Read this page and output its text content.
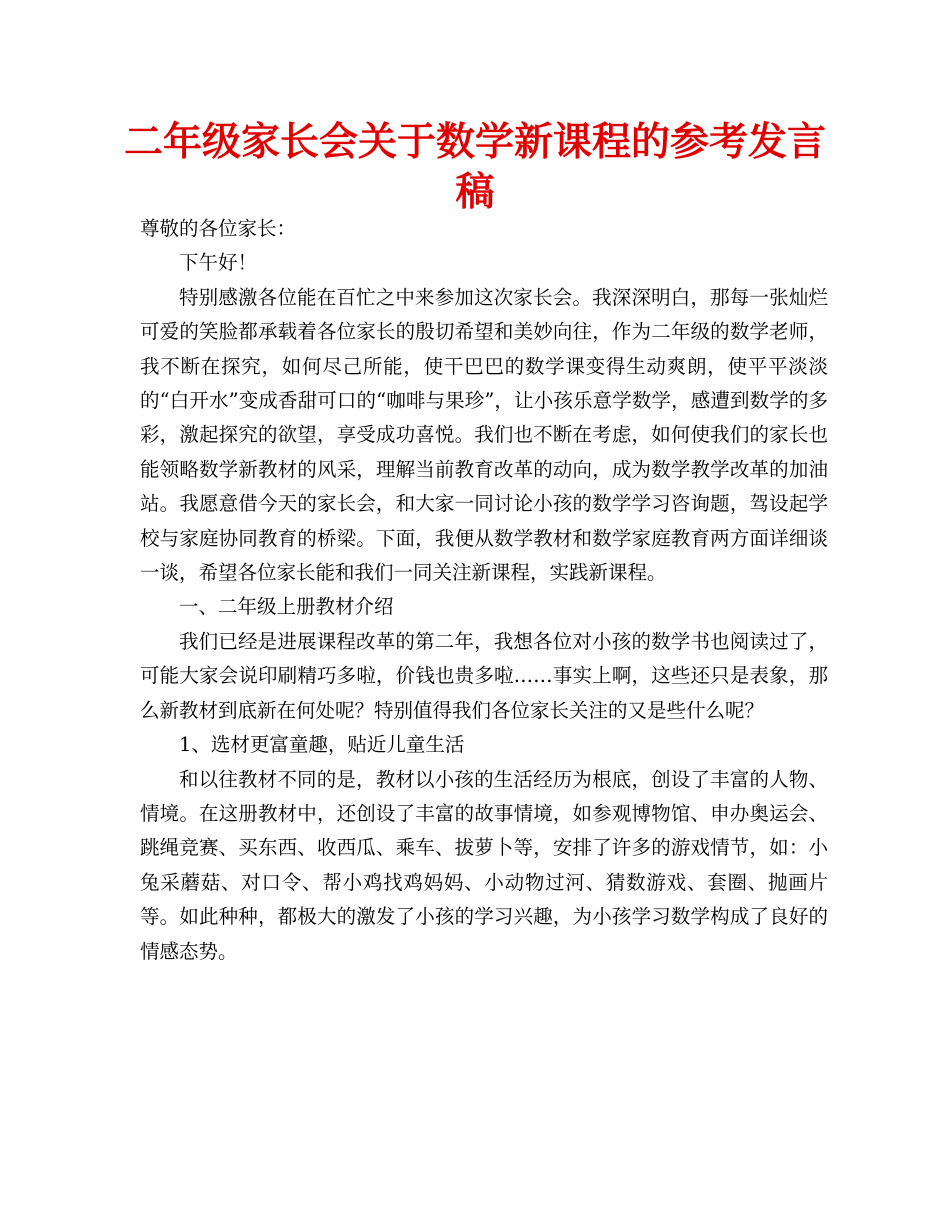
二年级家长会关于数学新课程的参考发言稿

尊敬的各位家长：

下午好！

特别感激各位能在百忙之中来参加这次家长会。我深深明白，那每一张灿烂可爱的笑脸都承载着各位家长的殷切希望和美妙向往，作为二年级的数学老师，我不断在探究，如何尽己所能，使干巴巴的数学课变得生动爽朗，使平平淡淡的“白开水”变成香甜可口的“咖啡与果珍”，让小孩乐意学数学，感遭到数学的多彩，激起探究的欲望，享受成功喜悦。我们也不断在考虑，如何使我们的家长也能领略数学新教材的风采，理解当前教育改革的动向，成为数学教学改革的加油站。我愿意借今天的家长会，和大家一同讨论小孩的数学学习咨询题，驾设起学校与家庭协同教育的桥梁。下面，我便从数学教材和数学家庭教育两方面详细谈一谈，希望各位家长能和我们一同关注新课程，实践新课程。

一、二年级上册教材介绍

我们已经是进展课程改革的第二年，我想各位对小孩的数学书也阅读过了，可能大家会说印刷精巧多啦，价钱也贵多啦……事实上啊，这些还只是表象，那么新教材到底新在何处呢？特别值得我们各位家长关注的又是些什么呢？

1、选材更富童趣，贴近儿童生活

和以往教材不同的是，教材以小孩的生活经历为根底，创设了丰富的人物、情境。在这册教材中，还创设了丰富的故事情境，如参观博物馆、申办奥运会、跳绳竞赛、买东西、收西瓜、乘车、拔萝卜等，安排了许多的游戏情节，如：小兔采蘑菇、对口令、帮小鸡找鸡妈妈、小动物过河、猜数游戏、套圈、抛画片等。如此种种，都极大的激发了小孩的学习兴趣，为小孩学习数学构成了良好的情感态势。
